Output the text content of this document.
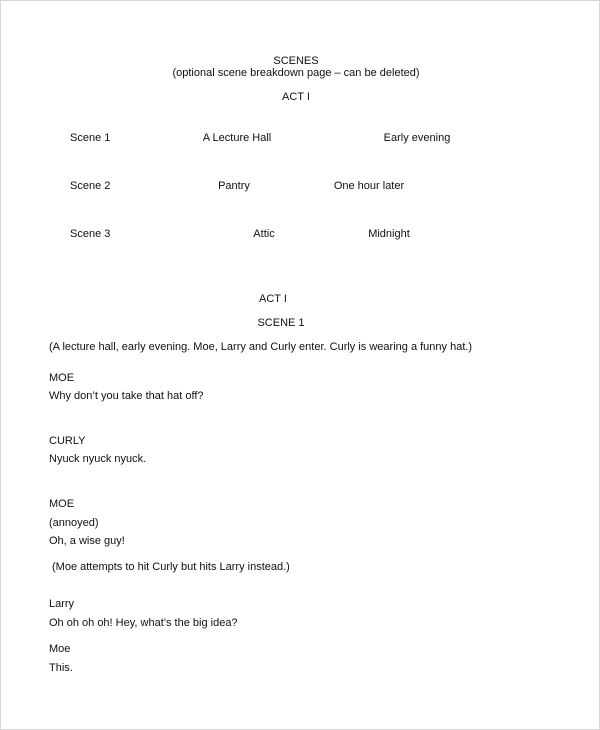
SCENES
(optional scene breakdown page – can be deleted)
ACT I
Scene 1	A Lecture Hall	Early evening
Scene 2	Pantry	One hour later
Scene 3	Attic	Midnight
ACT I
SCENE 1
(A lecture hall, early evening. Moe, Larry and Curly enter. Curly is wearing a funny hat.)
MOE
Why don’t you take that hat off?
CURLY
Nyuck nyuck nyuck.
MOE
(annoyed)
Oh, a wise guy!
(Moe attempts to hit Curly but hits Larry instead.)
Larry
Oh oh oh oh! Hey, what’s the big idea?
Moe
This.
